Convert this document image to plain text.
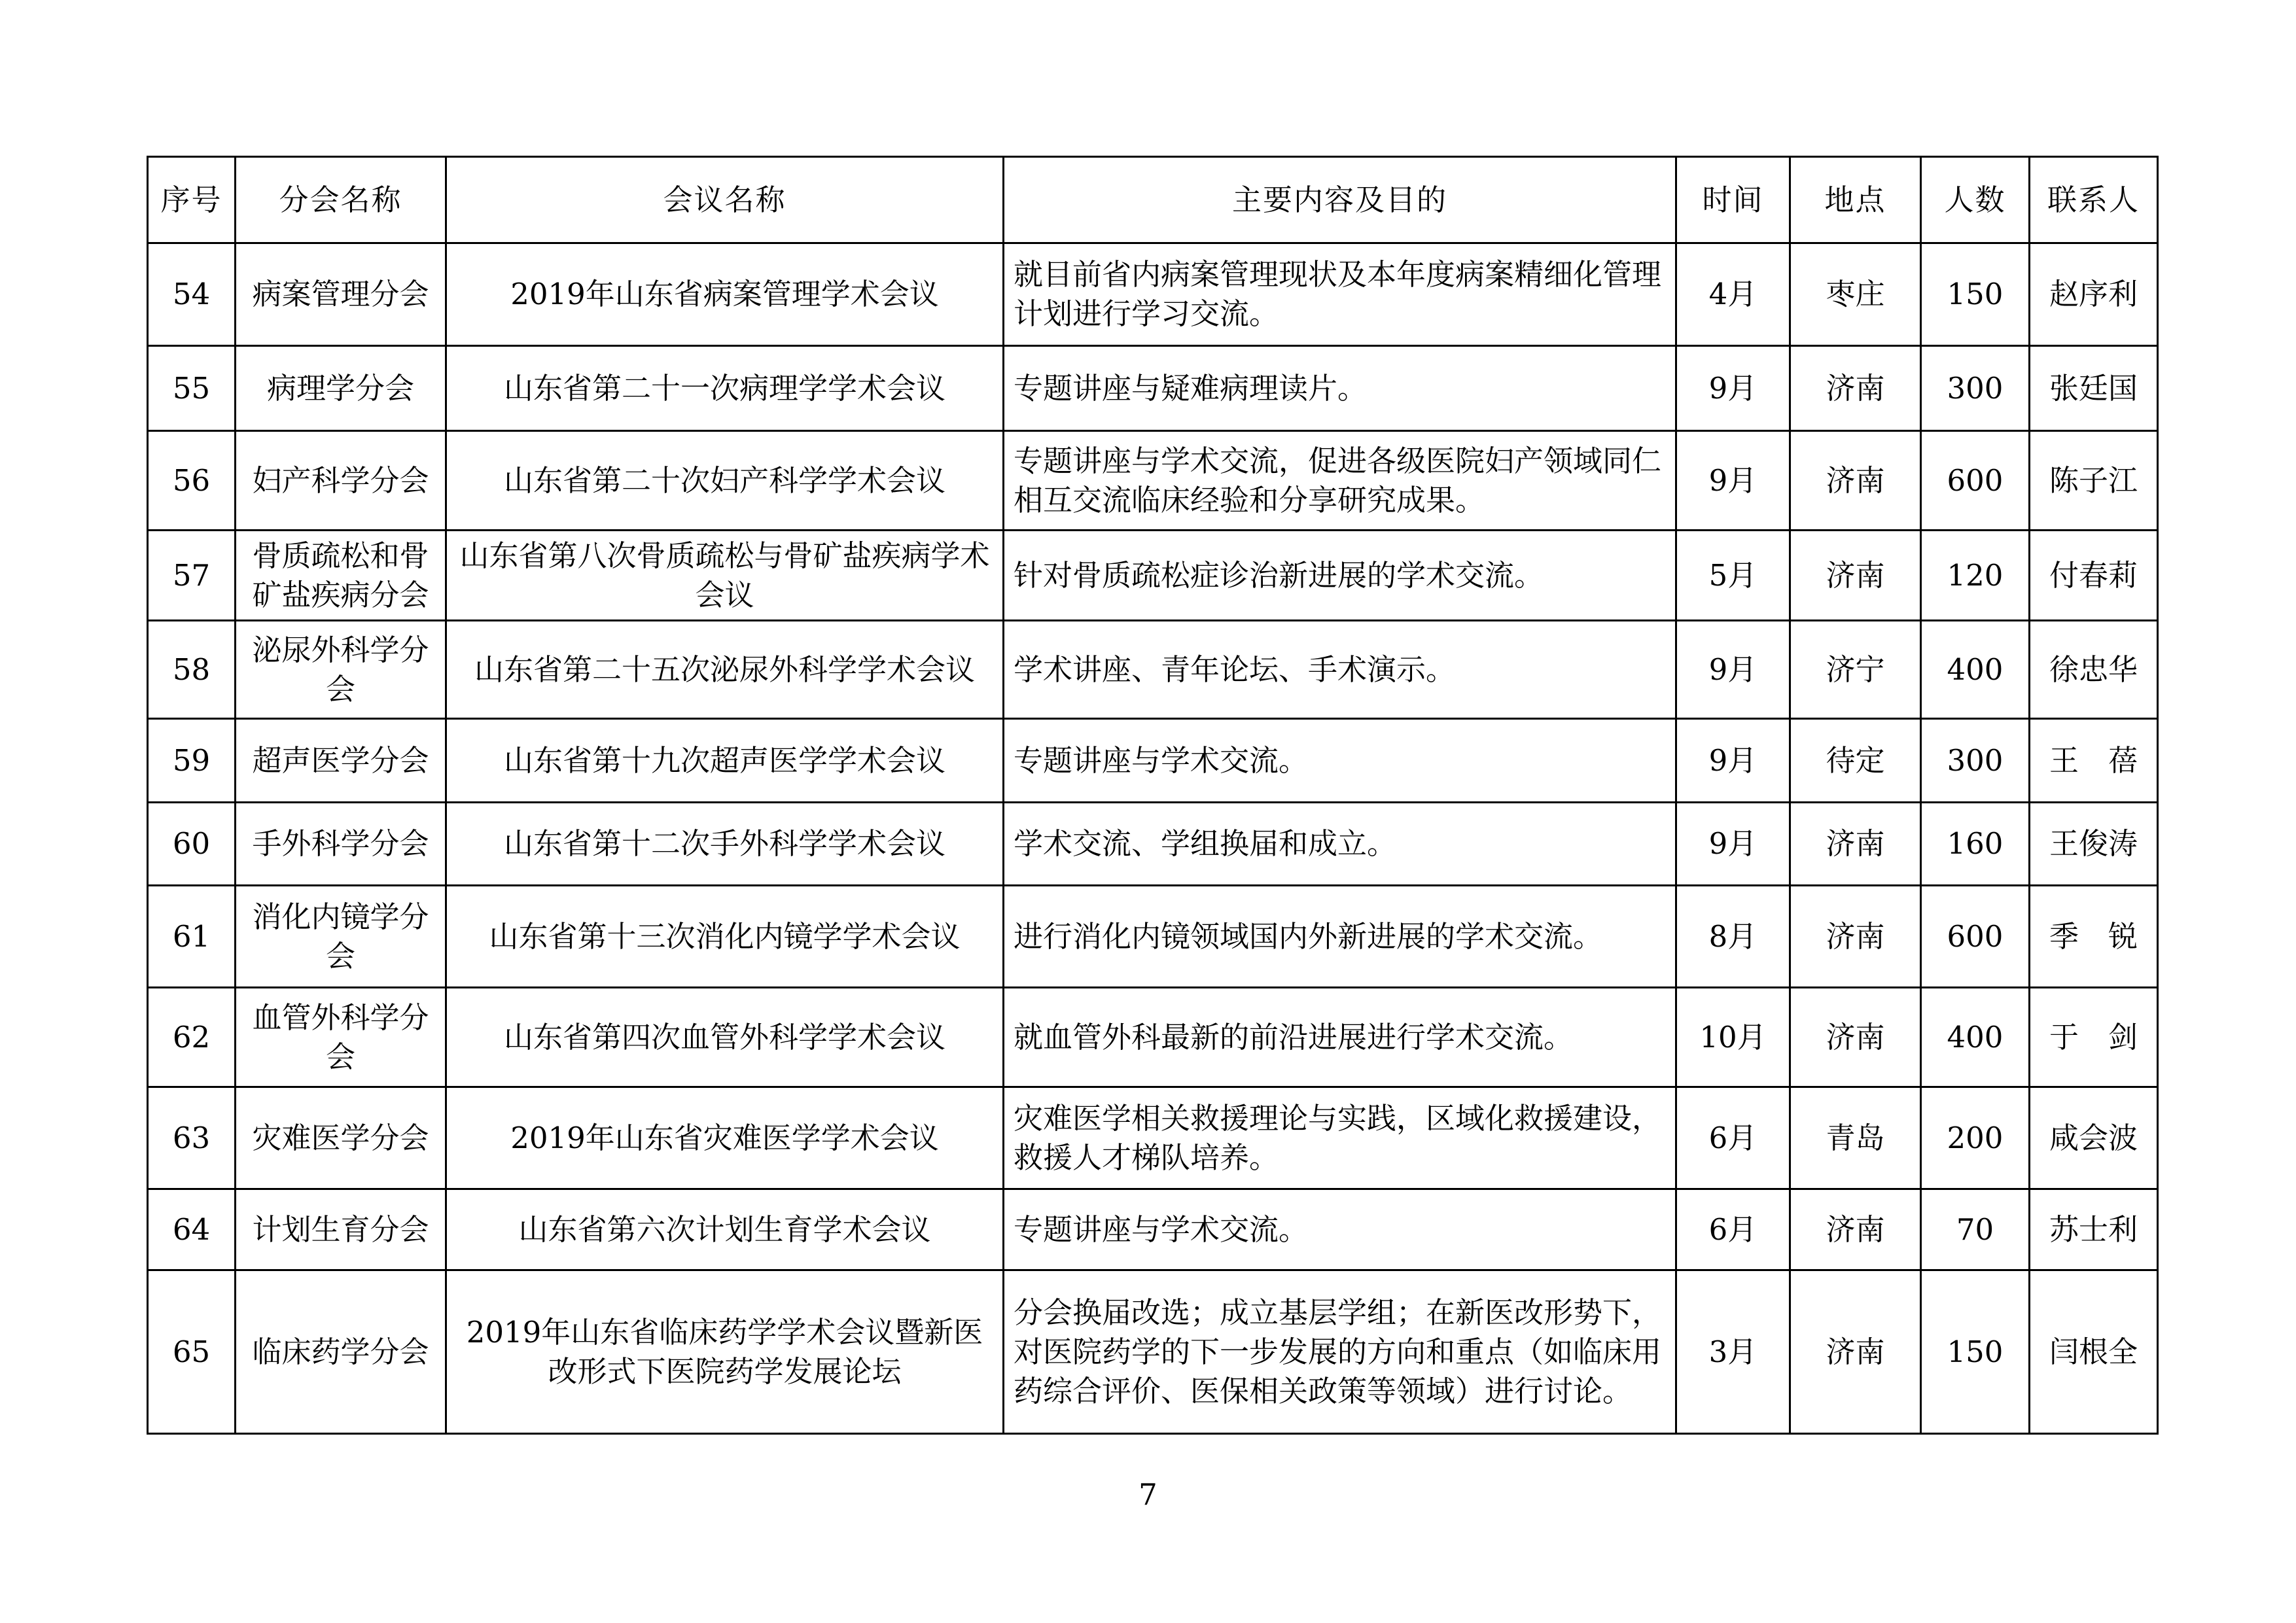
序号	分会名称	会议名称	主要内容及目的	时间	地点	人数	联系人
54	病案管理分会	2019年山东省病案管理学术会议	就目前省内病案管理现状及本年度病案精细化管理计划进行学习交流。	4月	枣庄	150	赵序利
55	病理学分会	山东省第二十一次病理学学术会议	专题讲座与疑难病理读片。	9月	济南	300	张廷国
56	妇产科学分会	山东省第二十次妇产科学学术会议	专题讲座与学术交流，促进各级医院妇产领域同仁相互交流临床经验和分享研究成果。	9月	济南	600	陈子江
57	骨质疏松和骨矿盐疾病分会	山东省第八次骨质疏松与骨矿盐疾病学术会议	针对骨质疏松症诊治新进展的学术交流。	5月	济南	120	付春莉
58	泌尿外科学分会	山东省第二十五次泌尿外科学学术会议	学术讲座、青年论坛、手术演示。	9月	济宁	400	徐忠华
59	超声医学分会	山东省第十九次超声医学学术会议	专题讲座与学术交流。	9月	待定	300	王　蓓
60	手外科学分会	山东省第十二次手外科学学术会议	学术交流、学组换届和成立。	9月	济南	160	王俊涛
61	消化内镜学分会	山东省第十三次消化内镜学学术会议	进行消化内镜领域国内外新进展的学术交流。	8月	济南	600	季　锐
62	血管外科学分会	山东省第四次血管外科学学术会议	就血管外科最新的前沿进展进行学术交流。	10月	济南	400	于　剑
63	灾难医学分会	2019年山东省灾难医学学术会议	灾难医学相关救援理论与实践，区域化救援建设，救援人才梯队培养。	6月	青岛	200	咸会波
64	计划生育分会	山东省第六次计划生育学术会议	专题讲座与学术交流。	6月	济南	70	苏士利
65	临床药学分会	2019年山东省临床药学学术会议暨新医改形式下医院药学发展论坛	分会换届改选；成立基层学组；在新医改形势下，对医院药学的下一步发展的方向和重点（如临床用药综合评价、医保相关政策等领域）进行讨论。	3月	济南	150	闫根全
7
